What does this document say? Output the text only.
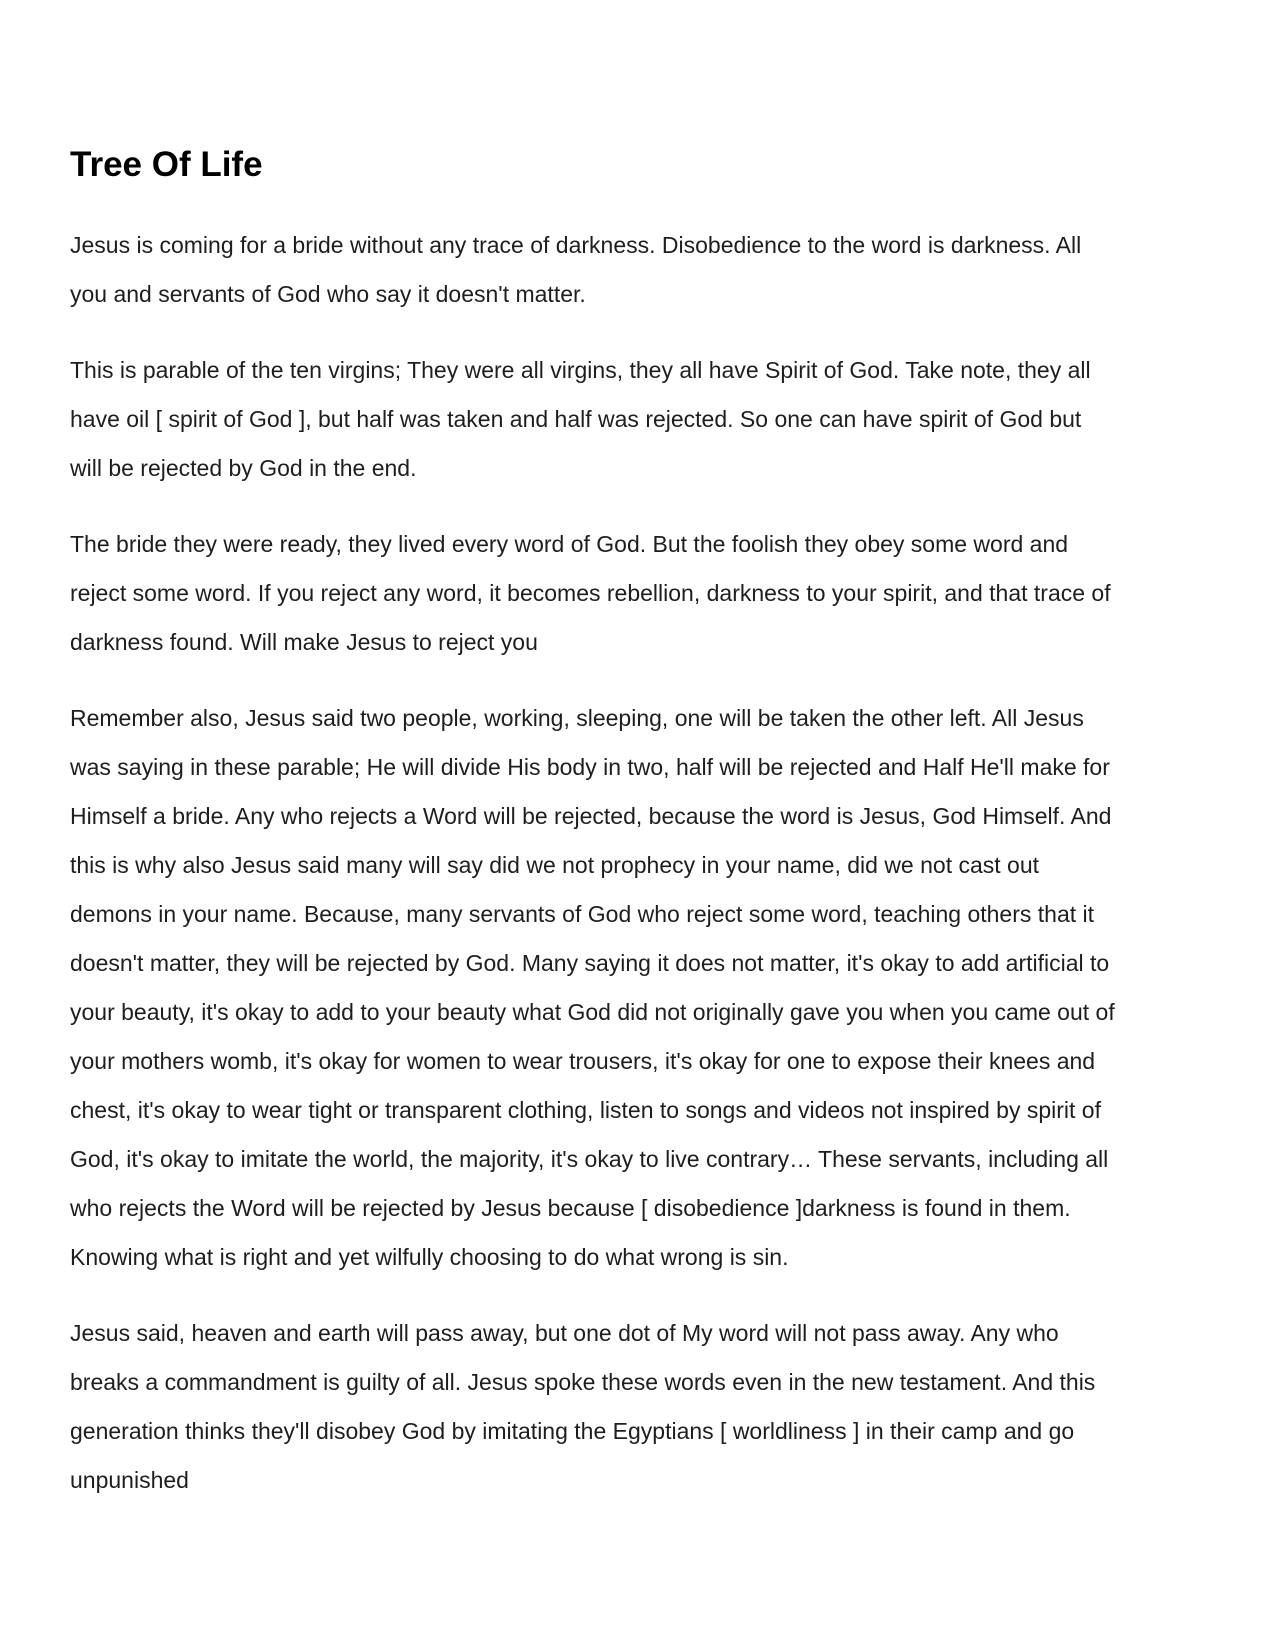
Tree Of Life
Jesus is coming for a bride without any trace of darkness. Disobedience to the word is darkness. All
you and servants of God who say it doesn't matter.
This is parable of the ten virgins; They were all virgins, they all have Spirit of God. Take note, they all
have oil [ spirit of God ], but half was taken and half was rejected. So one can have spirit of God but
will be rejected by God in the end.
The bride they were ready, they lived every word of God. But the foolish they obey some word and
reject some word. If you reject any word, it becomes rebellion, darkness to your spirit, and that trace of
darkness found. Will make Jesus to reject you
Remember also, Jesus said two people, working, sleeping, one will be taken the other left. All Jesus
was saying in these parable; He will divide His body in two, half will be rejected and Half He'll make for
Himself a bride. Any who rejects a Word will be rejected, because the word is Jesus, God Himself. And
this is why also Jesus said many will say did we not prophecy in your name, did we not cast out
demons in your name. Because, many servants of God who reject some word, teaching others that it
doesn't matter, they will be rejected by God. Many saying it does not matter, it's okay to add artificial to
your beauty, it's okay to add to your beauty what God did not originally gave you when you came out of
your mothers womb, it's okay for women to wear trousers, it's okay for one to expose their knees and
chest, it's okay to wear tight or transparent clothing, listen to songs and videos not inspired by spirit of
God, it's okay to imitate the world, the majority, it's okay to live contrary… These servants, including all
who rejects the Word will be rejected by Jesus because [ disobedience ]darkness is found in them.
Knowing what is right and yet wilfully choosing to do what wrong is sin.
Jesus said, heaven and earth will pass away, but one dot of My word will not pass away. Any who
breaks a commandment is guilty of all. Jesus spoke these words even in the new testament. And this
generation thinks they'll disobey God by imitating the Egyptians [ worldliness ] in their camp and go
unpunished
